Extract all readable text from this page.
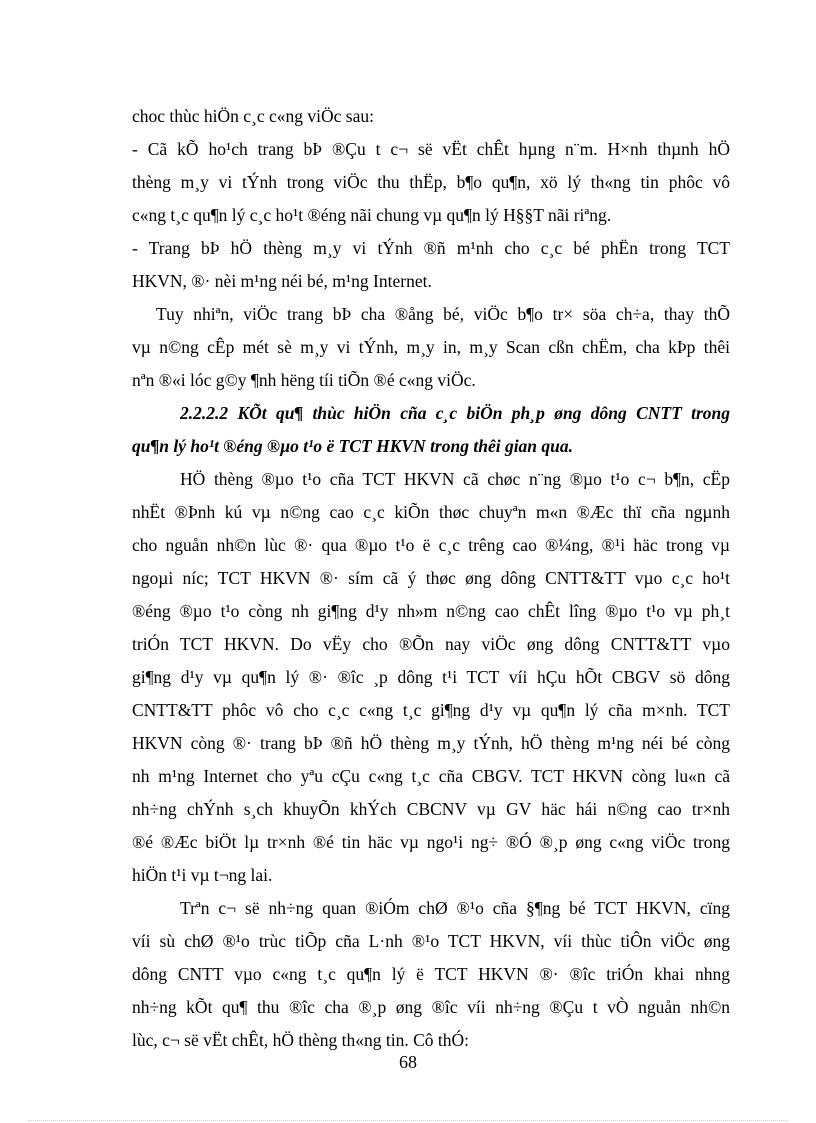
choc thùc hiÖn c¸c c«ng viÖc sau:
- Cã kÕ ho¹ch trang bÞ ®Çu t c¬ së vËt chÊt hµng n¨m. H×nh thµnh hÖ
thèng m¸y vi tÝnh trong viÖc thu thËp, b¶o qu¶n, xö lý th«ng tin phôc vô
c«ng t¸c qu¶n lý c¸c ho¹t ®éng nãi chung vµ qu¶n lý H§§T nãi riªng.
- Trang bÞ hÖ thèng m¸y vi tÝnh ®ñ m¹nh cho c¸c bé phËn trong TCT
HKVN, ®· nèi m¹ng néi bé, m¹ng Internet.
Tuy nhiªn, viÖc trang bÞ cha ®ång bé, viÖc b¶o tr× söa ch÷a, thay thÕ
vµ n©ng cÊp mét sè m¸y vi tÝnh, m¸y in, m¸y Scan cßn chËm, cha kÞp thêi
nªn ®«i lóc g©y ¶nh hëng tíi tiÕn ®é c«ng viÖc.
2.2.2.2 KÕt qu¶ thùc hiÖn cña c¸c biÖn ph¸p øng dông CNTT trong
qu¶n lý ho¹t ®éng ®µo t¹o ë TCT HKVN trong thêi gian qua.
HÖ thèng ®µo t¹o cña TCT HKVN cã chøc n¨ng ®µo t¹o c¬ b¶n, cËp
nhËt ®Þnh kú vµ n©ng cao c¸c kiÕn thøc chuyªn m«n ®Æc thï cña ngµnh
cho nguån nh©n lùc ®· qua ®µo t¹o ë c¸c trêng cao ®¼ng, ®¹i häc trong vµ
ngoµi níc; TCT HKVN ®· sím cã ý thøc øng dông CNTT&TT vµo c¸c ho¹t
®éng ®µo t¹o còng nh gi¶ng d¹y nh»m n©ng cao chÊt lîng ®µo t¹o vµ ph¸t
triÓn TCT HKVN. Do vËy cho ®Õn nay viÖc øng dông CNTT&TT vµo
gi¶ng d¹y vµ qu¶n lý ®· ®îc ¸p dông t¹i TCT víi hÇu hÕt CBGV sö dông
CNTT&TT phôc vô cho c¸c c«ng t¸c gi¶ng d¹y vµ qu¶n lý cña m×nh. TCT
HKVN còng ®· trang bÞ ®ñ hÖ thèng m¸y tÝnh, hÖ thèng m¹ng néi bé còng
nh m¹ng Internet cho yªu cÇu c«ng t¸c cña CBGV. TCT HKVN còng lu«n cã
nh÷ng chÝnh s¸ch khuyÕn khÝch CBCNV vµ GV häc hái n©ng cao tr×nh
®é ®Æc biÖt lµ tr×nh ®é tin häc vµ ngo¹i ng÷ ®Ó ®¸p øng c«ng viÖc trong
hiÖn t¹i vµ t¬ng lai.
Trªn c¬ së nh÷ng quan ®iÓm chØ ®¹o cña §¶ng bé TCT HKVN, cïng
víi sù chØ ®¹o trùc tiÕp cña L·nh ®¹o TCT HKVN, víi thùc tiÔn viÖc øng
dông CNTT vµo c«ng t¸c qu¶n lý ë TCT HKVN ®· ®îc triÓn khai nhng
nh÷ng kÕt qu¶ thu ®îc cha ®¸p øng ®îc víi nh÷ng ®Çu t vÒ nguån nh©n
lùc, c¬ së vËt chÊt, hÖ thèng th«ng tin. Cô thÓ:
68
